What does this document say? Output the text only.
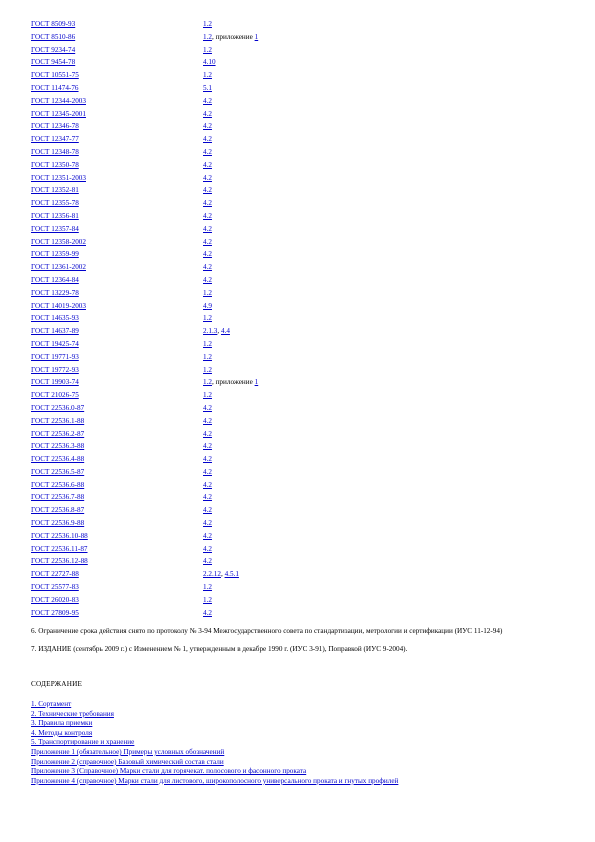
ГОСТ 8509-93	1.2
ГОСТ 8510-86	1.2, приложение 1
ГОСТ 9234-74	1.2
ГОСТ 9454-78	4.10
ГОСТ 10551-75	1.2
ГОСТ 11474-76	5.1
ГОСТ 12344-2003	4.2
ГОСТ 12345-2001	4.2
ГОСТ 12346-78	4.2
ГОСТ 12347-77	4.2
ГОСТ 12348-78	4.2
ГОСТ 12350-78	4.2
ГОСТ 12351-2003	4.2
ГОСТ 12352-81	4.2
ГОСТ 12355-78	4.2
ГОСТ 12356-81	4.2
ГОСТ 12357-84	4.2
ГОСТ 12358-2002	4.2
ГОСТ 12359-99	4.2
ГОСТ 12361-2002	4.2
ГОСТ 12364-84	4.2
ГОСТ 13229-78	1.2
ГОСТ 14019-2003	4.9
ГОСТ 14635-93	1.2
ГОСТ 14637-89	2.1.3, 4.4
ГОСТ 19425-74	1.2
ГОСТ 19771-93	1.2
ГОСТ 19772-93	1.2
ГОСТ 19903-74	1.2, приложение 1
ГОСТ 21026-75	1.2
ГОСТ 22536.0-87	4.2
ГОСТ 22536.1-88	4.2
ГОСТ 22536.2-87	4.2
ГОСТ 22536.3-88	4.2
ГОСТ 22536.4-88	4.2
ГОСТ 22536.5-87	4.2
ГОСТ 22536.6-88	4.2
ГОСТ 22536.7-88	4.2
ГОСТ 22536.8-87	4.2
ГОСТ 22536.9-88	4.2
ГОСТ 22536.10-88	4.2
ГОСТ 22536.11-87	4.2
ГОСТ 22536.12-88	4.2
ГОСТ 22727-88	2.2.12, 4.5.1
ГОСТ 25577-83	1.2
ГОСТ 26020-83	1.2
ГОСТ 27809-95	4.2

6. Ограничение срока действия снято по протоколу № 3-94 Межгосударственного совета по стандартизации, метрологии и сертификации (ИУС 11-12-94)

7. ИЗДАНИЕ (сентябрь 2009 г.) с Изменением № 1, утвержденным в декабре 1990 г. (ИУС 3-91), Поправкой (ИУС 9-2004).

СОДЕРЖАНИЕ
1. Сортамент
2. Технические требования
3. Правила приемки
4. Методы контроля
5. Транспортирование и хранение
Приложение 1 (обязательное) Примеры условных обозначений
Приложение 2 (справочное) Базовый химический состав стали
Приложение 3 (Справочное) Марки стали для горячекат. полосового и фасонного проката
Приложение 4 (справочное) Марки стали для листового, широкополосного универсального проката и гнутых профилей
